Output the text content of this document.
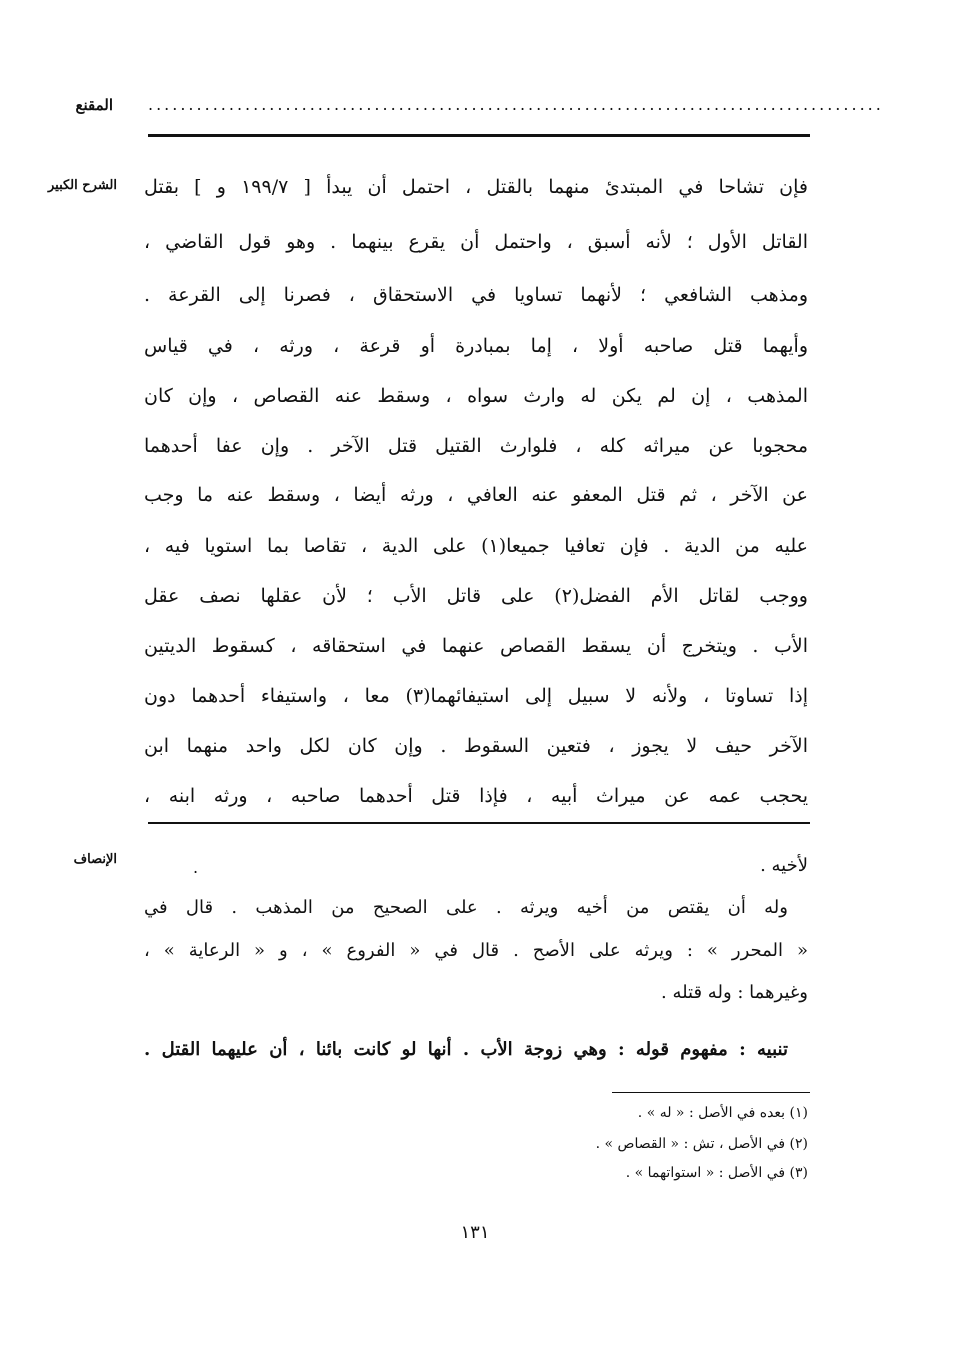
المقنع ...........................................................................................
الشرح الكبير
الإنصاف
فإن تشاحا في المبتدئ منهما بالقتل ، احتمل أن يبدأ [ ١٩٩/٧ و ] بقتل
القاتل الأول ؛ لأنه أسبق ، واحتمل أن يقرع بينهما . وهو قول القاضي ،
ومذهب الشافعي ؛ لأنهما تساويا في الاستحقاق ، فصرنا إلى القرعة .
وأيهما قتل صاحبه أولا ، إما بمبادرة أو قرعة ، ورثه ، في قياس
المذهب ، إن لم يكن له وارث سواه ، وسقط عنه القصاص ، وإن كان
محجوبا عن ميراثه كله ، فلوارث القتيل قتل الآخر . وإن عفا أحدهما
عن الآخر ، ثم قتل المعفو عنه العافي ، ورثه أيضا ، وسقط عنه ما وجب
عليه من الدية . فإن تعافيا جميعا(١) على الدية ، تقاصا بما استويا فيه ،
ووجب لقاتل الأم الفضل(٢) على قاتل الأب ؛ لأن عقلها نصف عقل
الأب . ويتخرج أن يسقط القصاص عنهما في استحقاقه ، كسقوط الديتين
إذا تساوتا ، ولأنه لا سبيل إلى استيفائهما(٣) معا ، واستيفاء أحدهما دون
الآخر حيف لا يجوز ، فتعين السقوط . وإن كان لكل واحد منهما ابن
يحجب عمه عن ميراث أبيه ، فإذا قتل أحدهما صاحبه ، ورثه ابنه ،
لأخيه .
.
وله أن يقتص من أخيه ويرثه . على الصحيح من المذهب . قال في
« المحرر » : ويرثه على الأصح . قال في « الفروع » ، و « الرعاية » ،
وغيرهما : وله قتله .
تنبيه : مفهوم قوله : وهي زوجة الأب . أنها لو كانت بائنا ، أن عليهما القتل .
(١) بعده في الأصل : « له » .
(٢) في الأصل ، تش : « القصاص » .
(٣) في الأصل : « استواتهما » .
١٣١
